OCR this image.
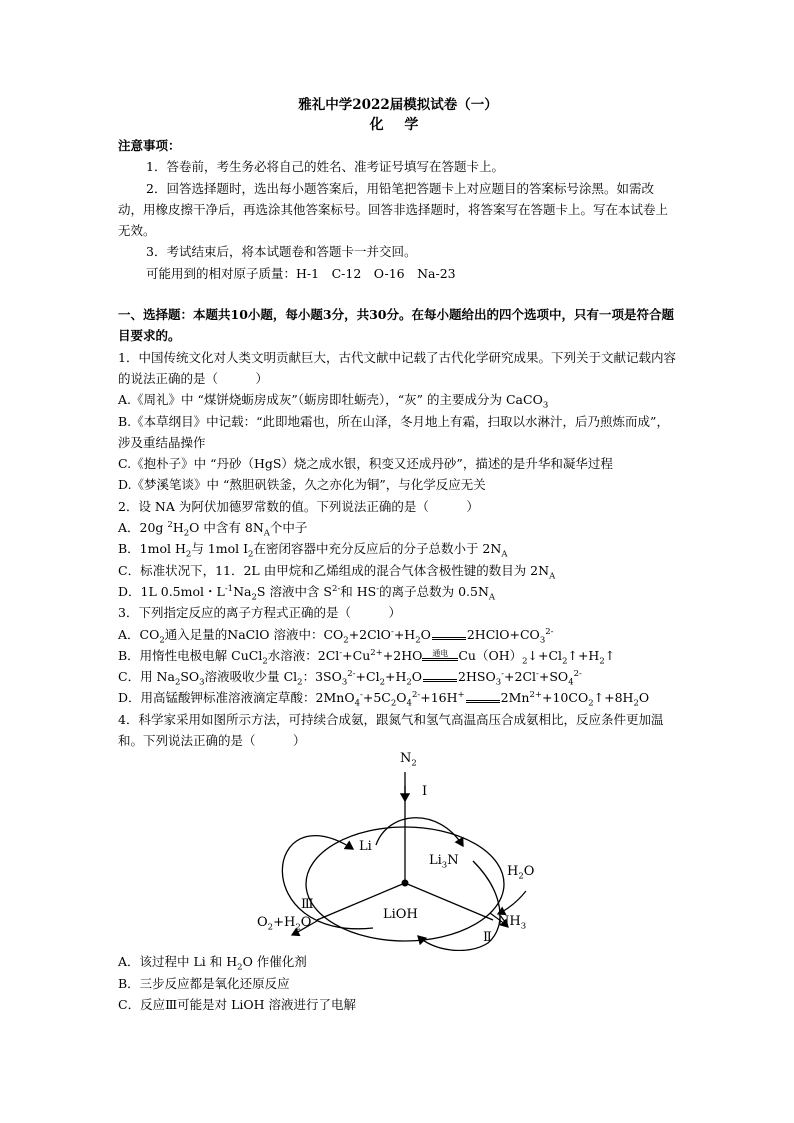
雅礼中学2022届模拟试卷（一）

化 学

注意事项：

1．答卷前，考生务必将自己的姓名、准考证号填写在答题卡上。

2．回答选择题时，选出每小题答案后，用铅笔把答题卡上对应题目的答案标号涂黑。如需改动，用橡皮擦干净后，再选涂其他答案标号。回答非选择题时，将答案写在答题卡上。写在本试卷上无效。

3．考试结束后，将本试题卷和答题卡一并交回。

可能用到的相对原子质量：H-1　C-12　O-16　Na-23

一、选择题：本题共10小题，每小题3分，共30分。在每小题给出的四个选项中，只有一项是符合题目要求的。

1．中国传统文化对人类文明贡献巨大，古代文献中记载了古代化学研究成果。下列关于文献记载内容的说法正确的是（　　　）

A.《周礼》中 “煤饼烧蛎房成灰”（蛎房即牡蛎壳），“灰” 的主要成分为 CaCO$_3$

B.《本草纲目》中记载：“此即地霜也，所在山泽，冬月地上有霜，扫取以水淋汁，后乃煎炼而成”，涉及重结晶操作

C.《抱朴子》中 “丹砂（HgS）烧之成水银，积变又还成丹砂”，描述的是升华和凝华过程

D.《梦溪笔谈》中 “熬胆矾铁釜，久之亦化为铜”，与化学反应无关

2．设 NA 为阿伏加德罗常数的值。下列说法正确的是（　　　）

A．20g $^2H_2O$ 中含有 $8N_A$个中子

B．1mol $H_2$与 1mol $I_2$在密闭容器中充分反应后的分子总数小于 $2N_A$

C．标准状况下，11．2L 由甲烷和乙烯组成的混合气体含极性键的数目为 $2N_A$

D．1L 0.5mol・$L^{-1}Na_2S$ 溶液中含 $S^{2-}$和 HS-的离子总数为 $0.5N_A$

3．下列指定反应的离子方程式正确的是（　　　）

A．$CO_2$通入足量的NaClO 溶液中：$CO_2+2ClO^-+H_2O$	$2HClO+CO_3^{2-}$

B．用惰性电极电解 CuCl$_2$水溶液：$2Cl^-+Cu^{2+}+2HO$	通电 $Cu(OH)_2↓+Cl_2↑+H_2↑$

C．用 $Na_2SO_3$溶液吸收少量 $Cl_2$：$3SO_3^{2-}+Cl_2+H_2O$	$2HSO_3^-+2Cl^-+SO_4^{2-}$

D．用高锰酸钾标准溶液滴定草酸：$2MnO_4^-+5C_2O_4^{2-}+16H^+$	$2Mn^{2+}+10CO_2↑+8H_2O$

4．科学家采用如图所示方法，可持续合成氨，跟氮气和氢气高温高压合成氨相比，反应条件更加温和。下列说法正确的是（　　　）

$N_2$
I
Li
$Li_3N$
$H_2O$
Ⅲ
$O_2+H_2O$
LiOH	$NH_3$
Ⅱ

A．该过程中 Li 和 $H_2O$ 作催化剂

B．三步反应都是氧化还原反应

C．反应Ⅲ可能是对 LiOH 溶液进行了电解
